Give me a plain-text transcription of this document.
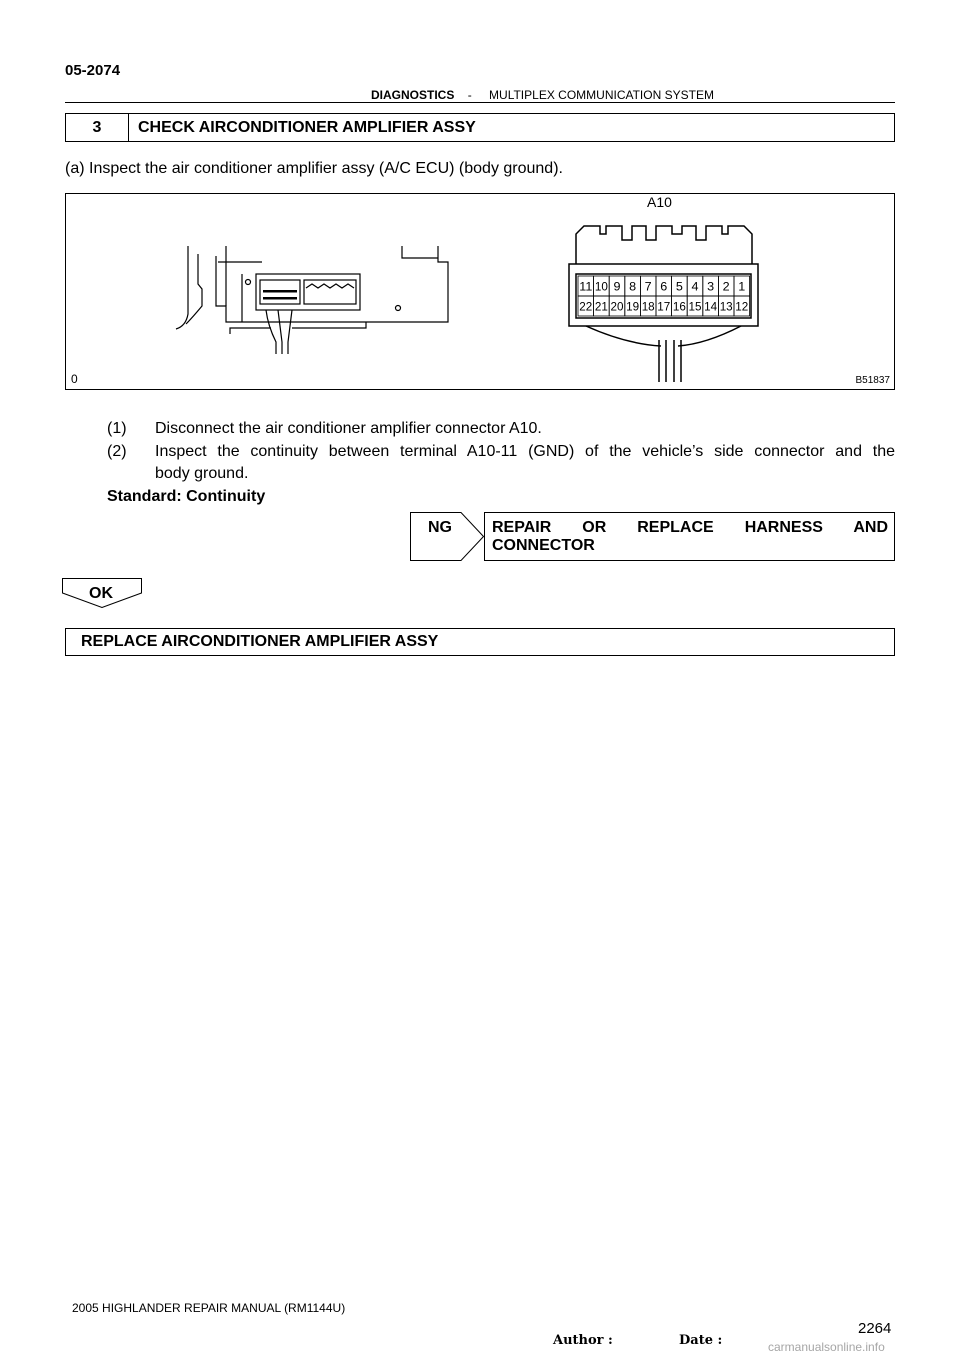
05-2074
DIAGNOSTICS - MULTIPLEX COMMUNICATION SYSTEM
3	CHECK AIRCONDITIONER AMPLIFIER ASSY
(a) Inspect the air conditioner amplifier assy (A/C ECU) (body ground).
11 10 9 8 7 6 5 4 3 2 1
22 21 20 19 18 17 16 15 14 13 12
A10
0	B51837
(1) Disconnect the air conditioner amplifier connector A10.
(2) Inspect the continuity between terminal A10-11 (GND) of the vehicle’s side connector and the
body ground.
Standard: Continuity
NG	REPAIR OR REPLACE HARNESS AND
CONNECTOR
OK
REPLACE AIRCONDITIONER AMPLIFIER ASSY
2005 HIGHLANDER REPAIR MANUAL (RM1144U)
Author :	Date :
2264
carmanualsonline.info
